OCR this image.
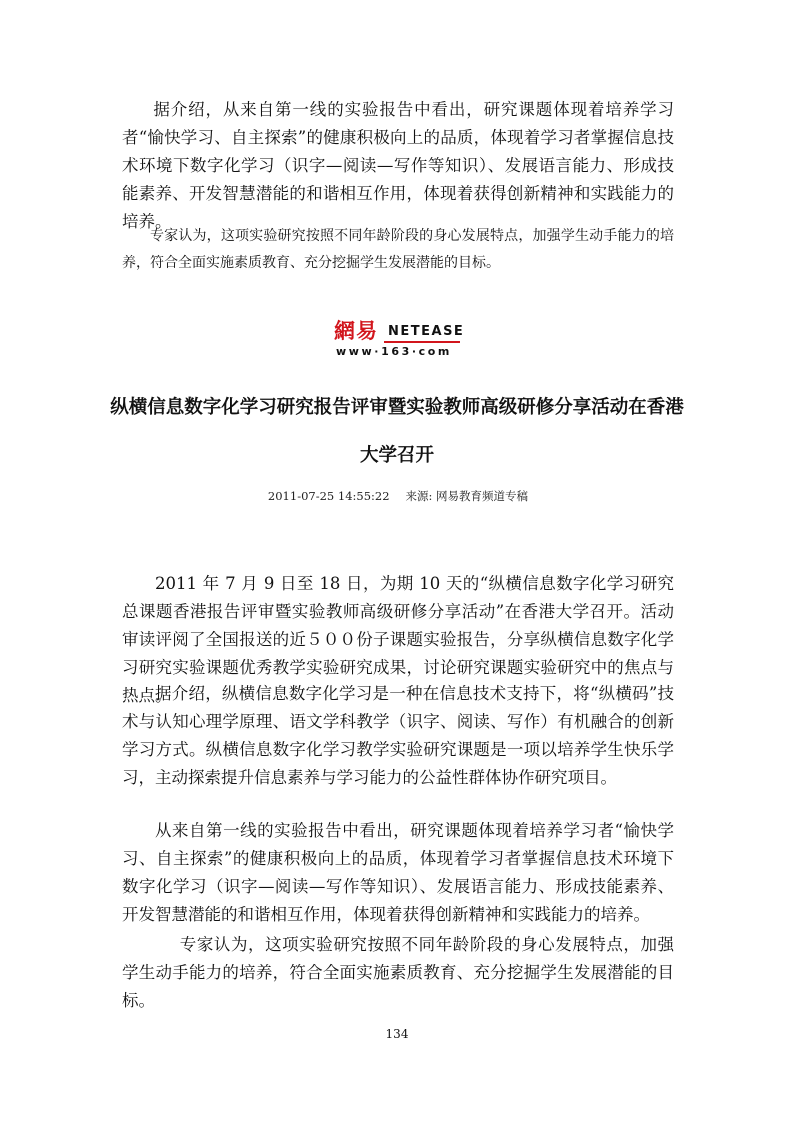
据介绍，从来自第一线的实验报告中看出，研究课题体现着培养学习者“愉快学习、自主探索”的健康积极向上的品质，体现着学习者掌握信息技术环境下数字化学习（识字—阅读—写作等知识）、发展语言能力、形成技能素养、开发智慧潜能的和谐相互作用，体现着获得创新精神和实践能力的培养。

专家认为，这项实验研究按照不同年龄阶段的身心发展特点，加强学生动手能力的培养，符合全面实施素质教育、充分挖掘学生发展潜能的目标。

網易 NETEASE
www·163·com
纵横信息数字化学习研究报告评审暨实验教师高级研修分享活动在香港大学召开

2011-07-25 14:55:22 来源: 网易教育频道专稿

2011 年 7 月 9 日至 18 日，为期 10 天的“纵横信息数字化学习研究总课题香港报告评审暨实验教师高级研修分享活动”在香港大学召开。活动审读评阅了全国报送的近５００份子课题实验报告，分享纵横信息数字化学习研究实验课题优秀教学实验研究成果，讨论研究课题实验研究中的焦点与热点。

据介绍，纵横信息数字化学习是一种在信息技术支持下，将“纵横码”技术与认知心理学原理、语文学科教学（识字、阅读、写作）有机融合的创新学习方式。纵横信息数字化学习教学实验研究课题是一项以培养学生快乐学习，主动探索提升信息素养与学习能力的公益性群体协作研究项目。

从来自第一线的实验报告中看出，研究课题体现着培养学习者“愉快学习、自主探索”的健康积极向上的品质，体现着学习者掌握信息技术环境下数字化学习（识字—阅读—写作等知识）、发展语言能力、形成技能素养、开发智慧潜能的和谐相互作用，体现着获得创新精神和实践能力的培养。

专家认为，这项实验研究按照不同年龄阶段的身心发展特点，加强学生动手能力的培养，符合全面实施素质教育、充分挖掘学生发展潜能的目标。

134
